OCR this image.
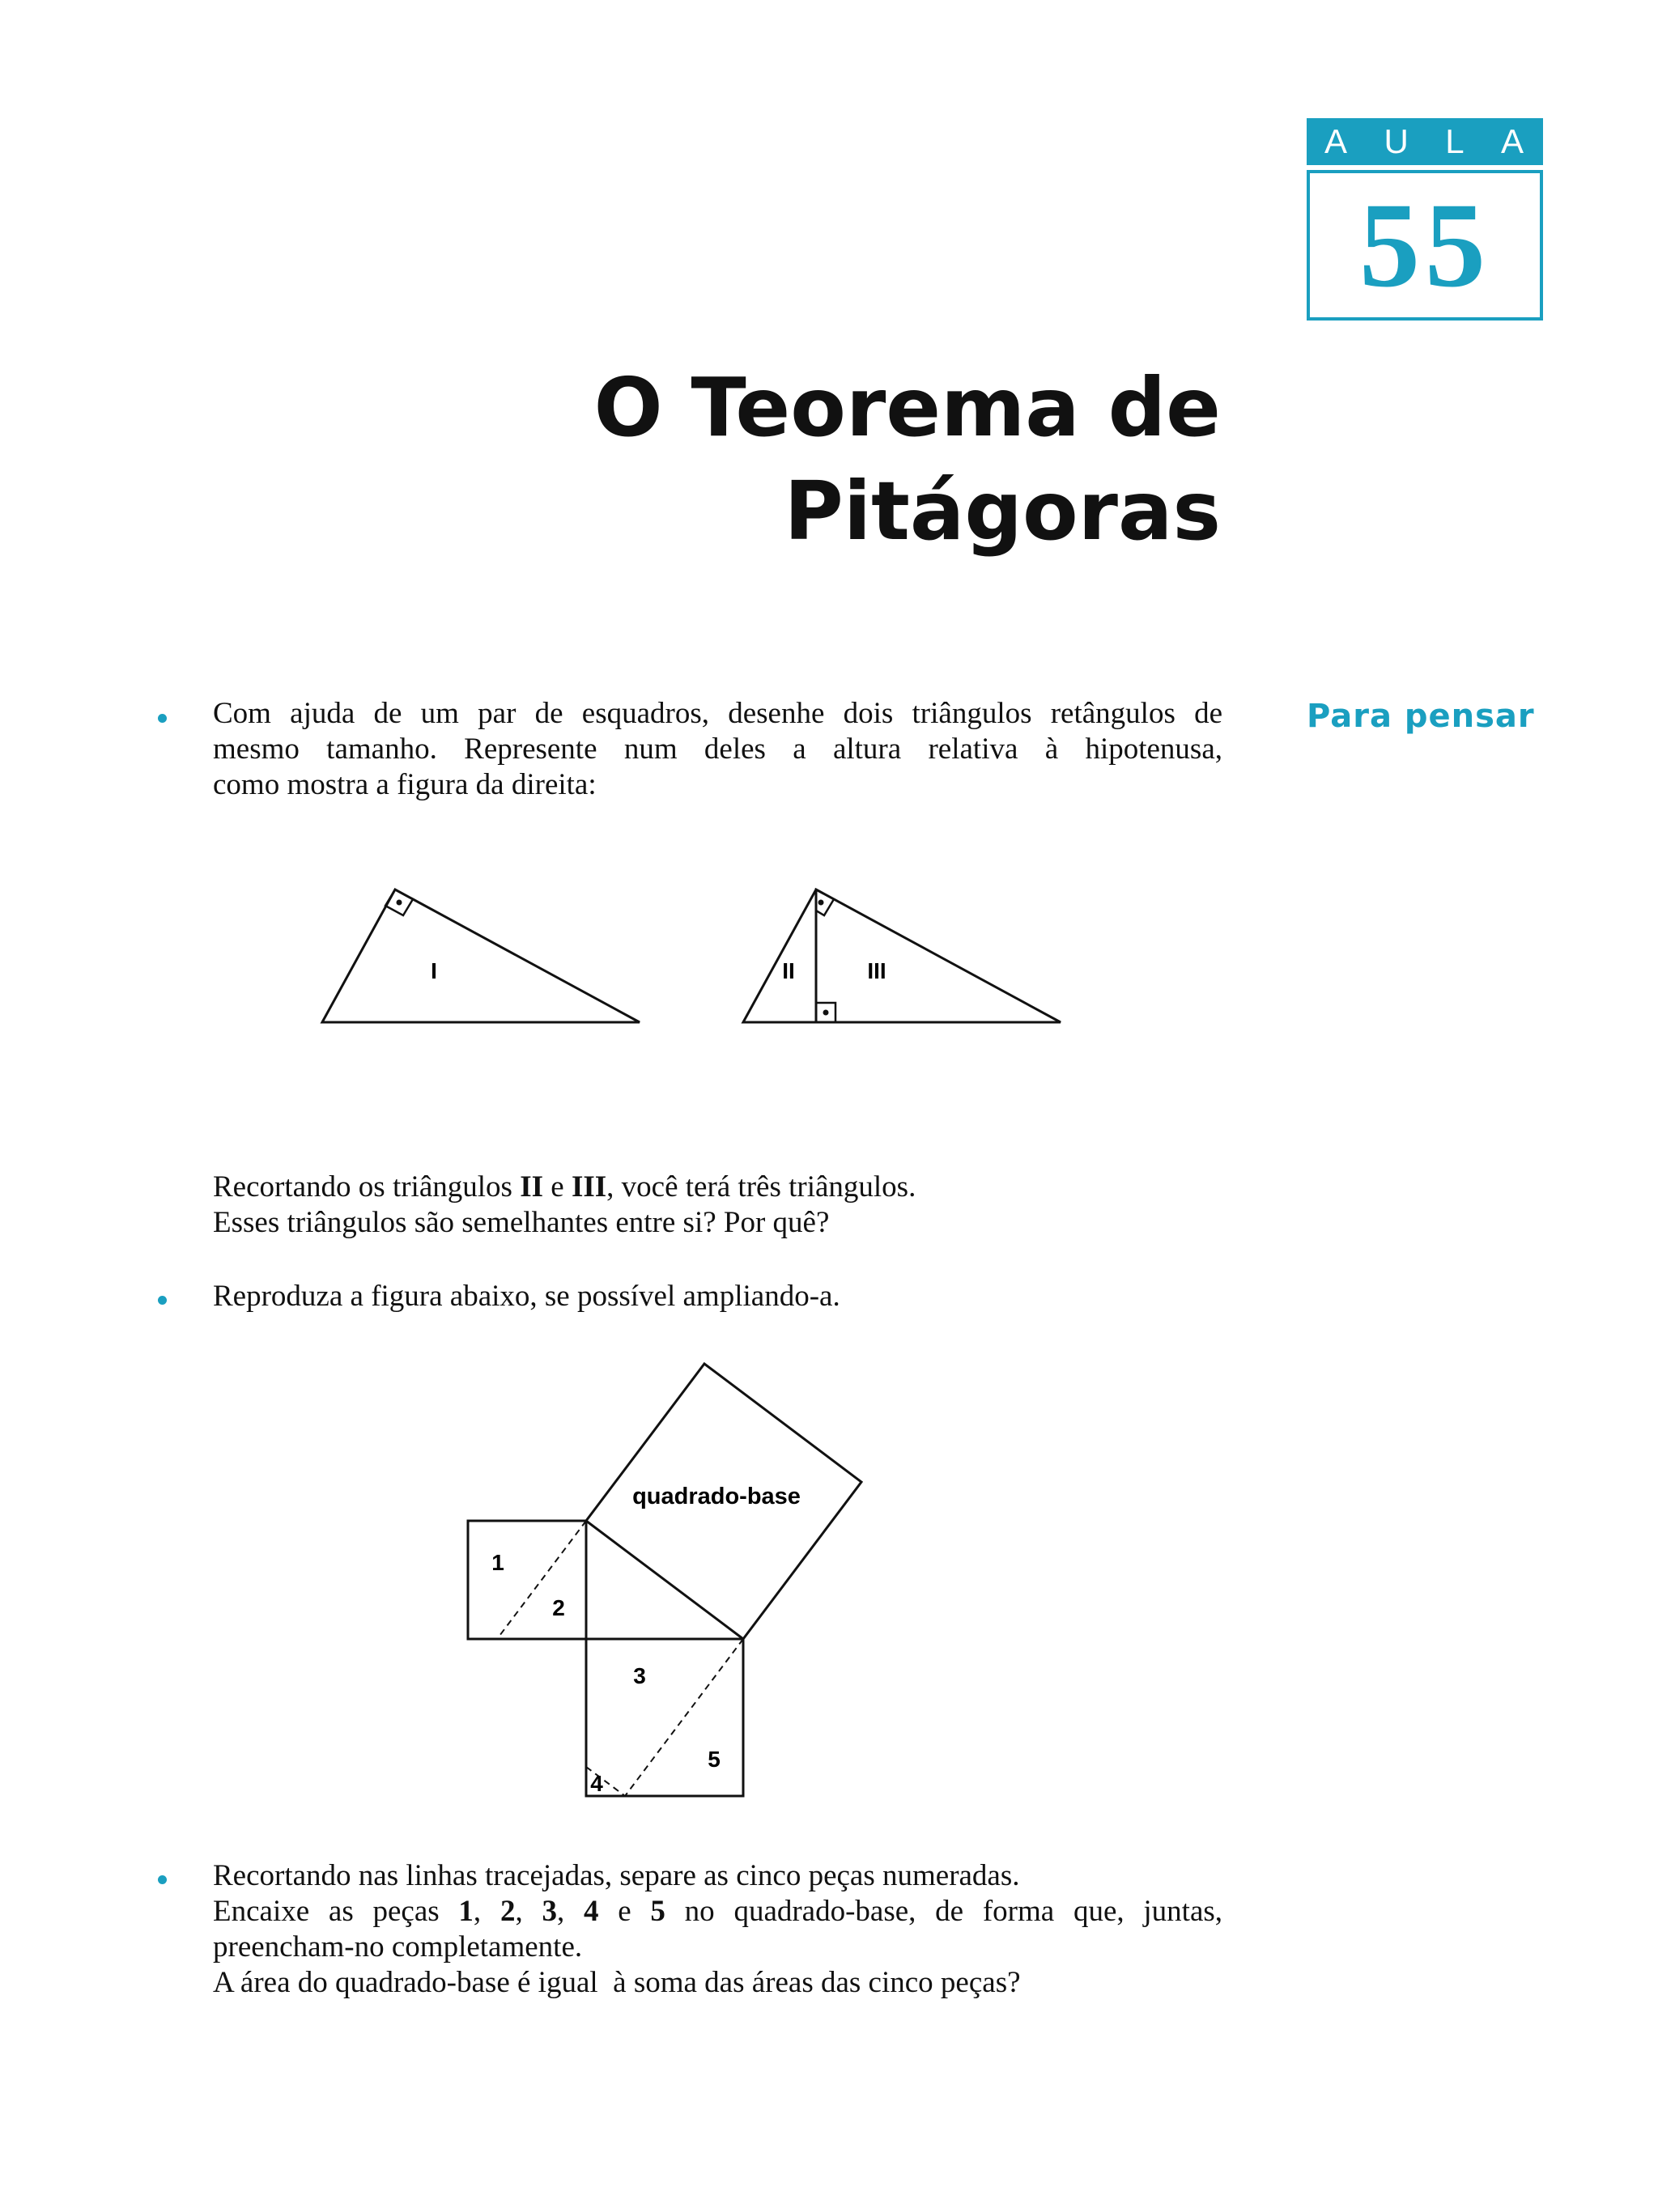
A U L A
55
O Teorema de
Pitágoras
Para pensar

Com ajuda de um par de esquadros, desenhe dois triângulos retângulos de
mesmo tamanho. Represente num deles a altura relativa à hipotenusa,
como mostra a figura da direita:

I	II	III

Recortando os triângulos II e III, você terá três triângulos.
Esses triângulos são semelhantes entre si? Por quê?

Reproduza a figura abaixo, se possível ampliando-a.

quadrado-base
1
2
3
4
5

Recortando nas linhas tracejadas, separe as cinco peças numeradas.
Encaixe as peças 1, 2, 3, 4 e 5 no quadrado-base, de forma que, juntas,
preencham-no completamente.
A área do quadrado-base é igual  à soma das áreas das cinco peças?
